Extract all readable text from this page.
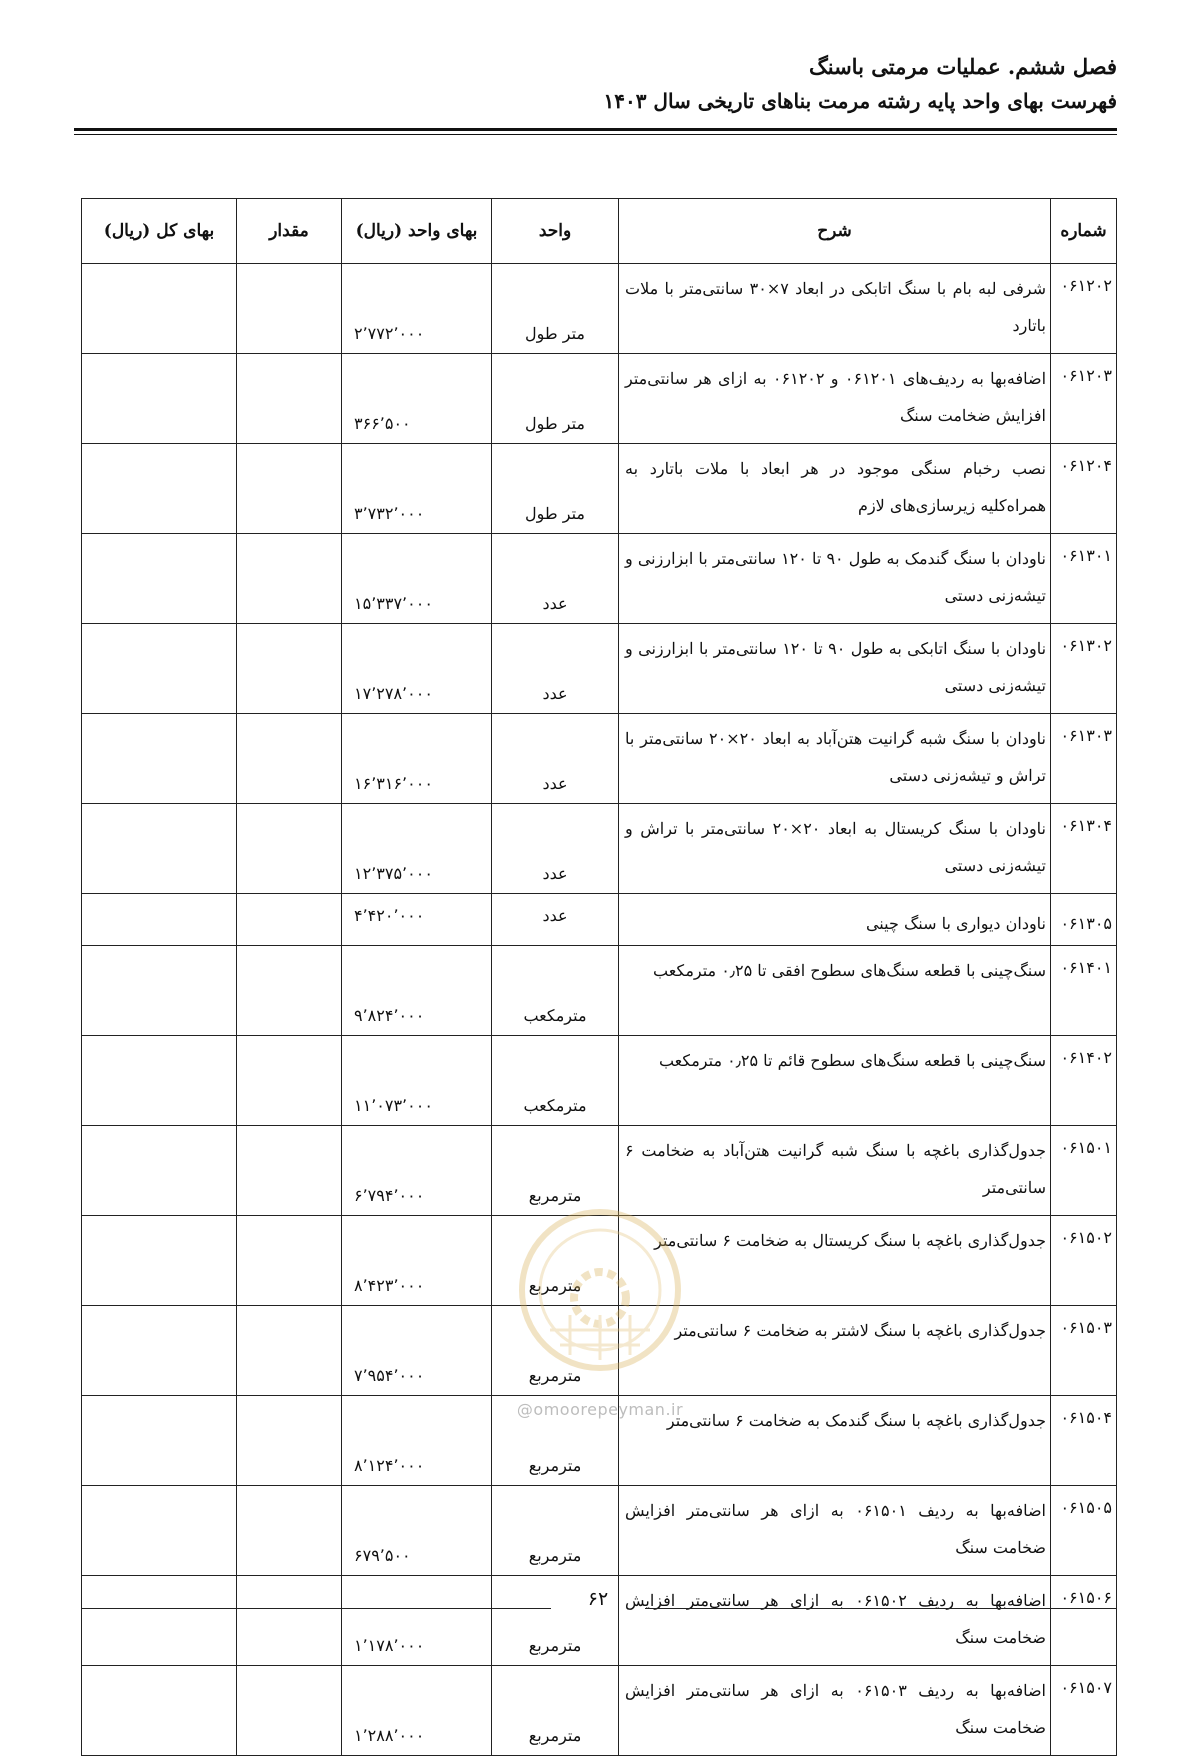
فصل ششم. عملیات مرمتی باسنگ
فهرست بهای واحد پایه رشته مرمت بناهای تاریخی سال ۱۴۰۳
شماره	شرح	واحد	بهای واحد (ریال)	مقدار	بهای کل (ریال)
۰۶۱۲۰۲	شرفی لبه بام با سنگ اتابکی در ابعاد ۷×۳۰ سانتی‌متر با ملات باتارد	متر طول	۲٬۷۷۲٬۰۰۰		
۰۶۱۲۰۳	اضافه‌بها به ردیف‌های ۰۶۱۲۰۱ و ۰۶۱۲۰۲ به ازای هر سانتی‌متر افزایش ضخامت سنگ	متر طول	۳۶۶٬۵۰۰		
۰۶۱۲۰۴	نصب رخبام سنگی موجود در هر ابعاد با ملات باتارد به همراه‌کلیه زیرسازی‌های لازم	متر طول	۳٬۷۳۲٬۰۰۰		
۰۶۱۳۰۱	ناودان با سنگ گندمک به طول ۹۰ تا ۱۲۰ سانتی‌متر با ابزارزنی و تیشه‌زنی دستی	عدد	۱۵٬۳۳۷٬۰۰۰		
۰۶۱۳۰۲	ناودان با سنگ اتابکی به طول ۹۰ تا ۱۲۰ سانتی‌متر با ابزارزنی و تیشه‌زنی دستی	عدد	۱۷٬۲۷۸٬۰۰۰		
۰۶۱۳۰۳	ناودان با سنگ شبه گرانیت هتن‌آباد به ابعاد ۲۰×۲۰ سانتی‌متر با تراش و تیشه‌زنی دستی	عدد	۱۶٬۳۱۶٬۰۰۰		
۰۶۱۳۰۴	ناودان با سنگ کریستال به ابعاد ۲۰×۲۰ سانتی‌متر با تراش و تیشه‌زنی دستی	عدد	۱۲٬۳۷۵٬۰۰۰		
۰۶۱۳۰۵	ناودان دیواری با سنگ چینی	عدد	۴٬۴۲۰٬۰۰۰		
۰۶۱۴۰۱	سنگ‌چینی با قطعه سنگ‌های سطوح افقی تا ۰٫۲۵ مترمکعب	مترمکعب	۹٬۸۲۴٬۰۰۰		
۰۶۱۴۰۲	سنگ‌چینی با قطعه سنگ‌های سطوح قائم تا ۰٫۲۵ مترمکعب	مترمکعب	۱۱٬۰۷۳٬۰۰۰		
۰۶۱۵۰۱	جدول‌گذاری باغچه با سنگ شبه گرانیت هتن‌آباد به ضخامت ۶ سانتی‌متر	مترمربع	۶٬۷۹۴٬۰۰۰		
۰۶۱۵۰۲	جدول‌گذاری باغچه با سنگ کریستال به ضخامت ۶ سانتی‌متر	مترمربع	۸٬۴۲۳٬۰۰۰		
۰۶۱۵۰۳	جدول‌گذاری باغچه با سنگ لاشتر به ضخامت ۶ سانتی‌متر	مترمربع	۷٬۹۵۴٬۰۰۰		
۰۶۱۵۰۴	جدول‌گذاری باغچه با سنگ گندمک به ضخامت ۶ سانتی‌متر	مترمربع	۸٬۱۲۴٬۰۰۰		
۰۶۱۵۰۵	اضافه‌بها به ردیف ۰۶۱۵۰۱ به ازای هر سانتی‌متر افزایش ضخامت سنگ	مترمربع	۶۷۹٬۵۰۰		
۰۶۱۵۰۶	اضافه‌بها به ردیف ۰۶۱۵۰۲ به ازای هر سانتی‌متر افزایش ضخامت سنگ	مترمربع	۱٬۱۷۸٬۰۰۰		
۰۶۱۵۰۷	اضافه‌بها به ردیف ۰۶۱۵۰۳ به ازای هر سانتی‌متر افزایش ضخامت سنگ	مترمربع	۱٬۲۸۸٬۰۰۰		
@omoorepeyman.ir
۶۲
